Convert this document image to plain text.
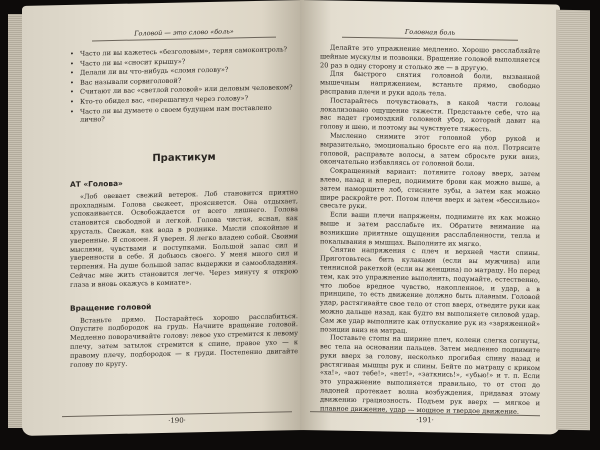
Головой — это слово «боль»
• Часто ли вы кажетесь «безголовым», теряя самоконтроль?
• Часто ли вы «сносит крышу»?
• Делали ли вы что-нибудь «сломя голову»?
• Вас называли сорвиголовой?
• Считают ли вас «светлой головой» или деловым человеком?
• Кто-то обидел вас, «перешагнул через голову»?
• Часто ли вы думаете о своем будущем нам поставлено лично?
Практикум
АТ «Голова»

«Лоб овевает свежий ветерок. Лоб становится приятно прохладным. Голова свежеет, проясняется. Она отдыхает, успокаивается. Освобождается от всего лишнего. Голова становится свободной и легкой. Голова чистая, ясная, как хрусталь. Свежая, как вода в роднике. Мысли спокойные и уверенные. Я спокоен. Я уверен. Я легко владею собой. Своими мыслями, чувствами и поступками. Большой запас сил и уверенности в себе. Я добьюсь своего. У меня много сил и терпения. На душе большой запас выдержки и самообладания. Сейчас мне жить становится легче. Через минуту я открою глаза и вновь окажусь в комнате».

Вращение головой

Встаньте прямо. Постарайтесь хорошо расслабиться. Опустите подбородок на грудь. Начните вращение головой. Медленно поворачивайте голову: левое ухо стремится к левому плечу, затем затылок стремится к спине, правое ухо — к правому плечу, подбородок — к груди. Постепенно двигайте голову по кругу.

·190·
Головная боль

Делайте это упражнение медленно. Хорошо расслабляйте шейные мускулы и позвонки. Вращение головой выполняется 20 раз в одну сторону и столько же — в другую.

Для быстрого снятия головной боли, вызванной мышечным напряжением, встаньте прямо, свободно расправив плечи и руки вдоль тела.

Постарайтесь почувствовать, в какой части головы локализовано ощущение тяжести. Представьте себе, что на вас надет громоздкий головной убор, который давит на голову и шею, и поэтому вы чувствуете тяжесть.

Мысленно снимите этот головной убор рукой и выразительно, эмоционально бросьте его на пол. Потрясите головой, расправьте волосы, а затем сбросьте руки вниз, окончательно избавляясь от головной боли.

Сокращенный вариант: потяните голову вверх, затем влево, назад и вперед, поднимите брови как можно выше, а затем наморщите лоб, стисните зубы, а затем как можно шире раскройте рот. Потом плечи вверх и затем «бессильно» свесьте руки.

Если ваши плечи напряжены, поднимите их как можно выше и затем расслабьте их. Обратите внимание на возникшие приятные ощущения расслабленности, тепла и покалывания в мышцах. Выполните их мягко.

Снятие напряжения с плеч и верхней части спины. Приготовьтесь бить кулаками (если вы мужчина) или теннисной ракеткой (если вы женщина) по матрацу. Но перед тем, как это упражнение выполнить, подумайте, естественно, что любое вредное чувство, накопленное, и удар, а в принципе, то есть движение должно быть плавным. Головой удар, растягивайте свое тело от стоп вверх, отведите руки как можно дальше назад, как будто вы выполняете силовой удар. Сам же удар выполните как отпускание рук из «заряженной» позиции вниз на матрац.

Поставьте стопы на ширине плеч, колени слегка согнуты, вес тела на основании пальцев. Затем медленно поднимите руки вверх за голову, несколько прогибая спину назад и растягивая мышцы рук и спины. Бейте по матрацу с криком «ха!», «вот тебе!», «нет!», «заткнись!», «убью!» и т. п. Если это упражнение выполняется правильно, то от стоп до ладоней протекает волна возбуждения, придавая этому движению грациозность. Подъем рук вверх — мягкое и плавное движение, удар — мощное и твердое движение.

·191·
